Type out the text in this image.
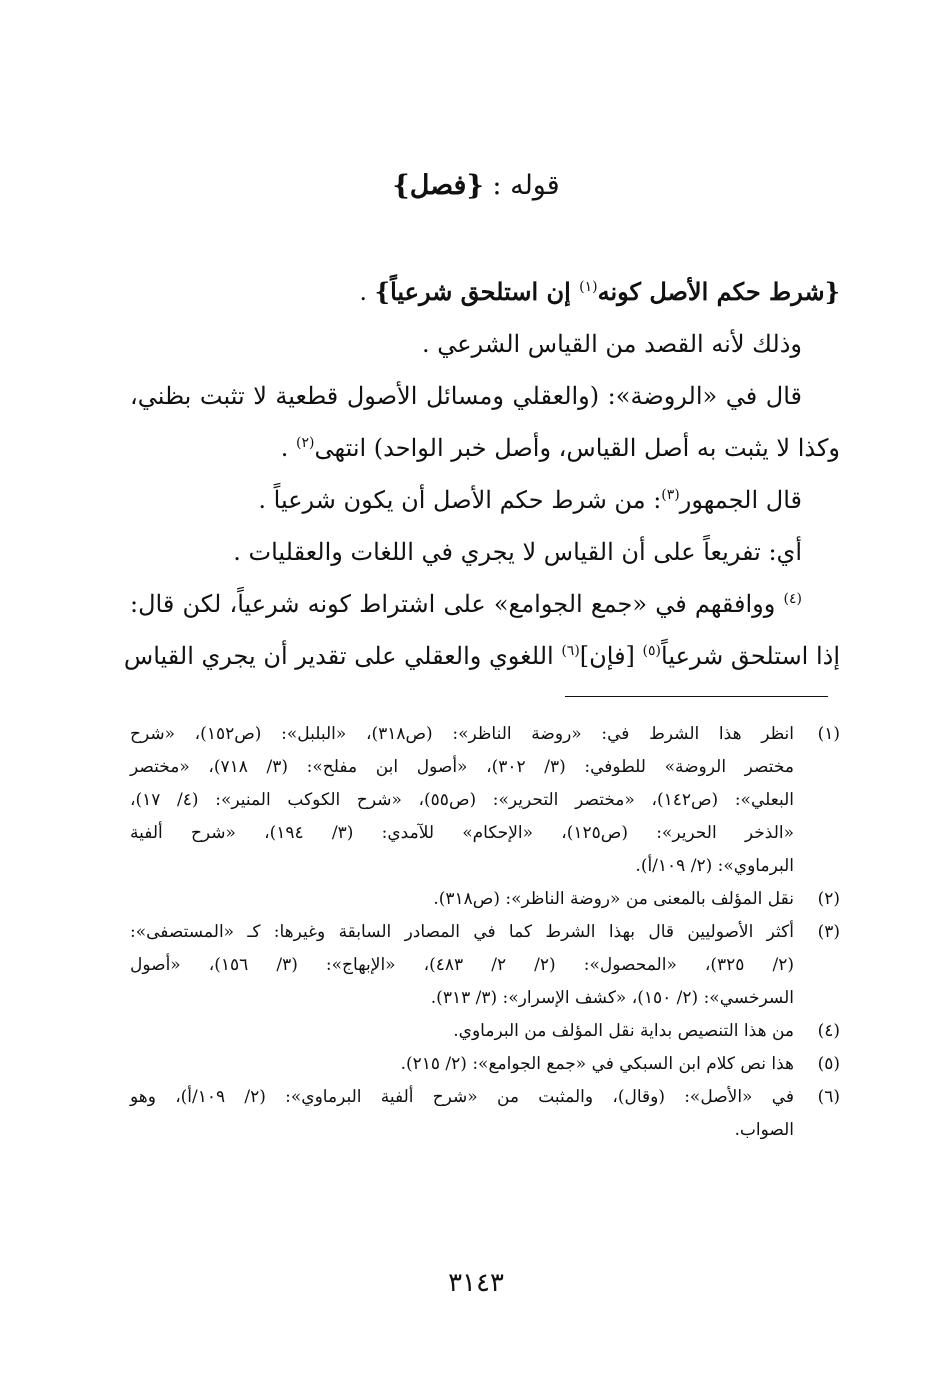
قوله : {فصل}
{شرط حكم الأصل كونه$^{(١)}$ إن استلحق شرعياً} .
وذلك لأنه القصد من القياس الشرعي .
قال في «الروضة»: (والعقلي ومسائل الأصول قطعية لا تثبت بظني،
وكذا لا يثبت به أصل القياس، وأصل خبر الواحد) انتهى$^{(٢)}$ .
قال الجمهور$^{(٣)}$: من شرط حكم الأصل أن يكون شرعياً .
أي: تفريعاً على أن القياس لا يجري في اللغات والعقليات .
$^{(٤)}$ ووافقهم في «جمع الجوامع» على اشتراط كونه شرعياً، لكن قال:
إذا استلحق شرعياً$^{(٥)}$ [فإن]$^{(٦)}$ اللغوي والعقلي على تقدير أن يجري القياس
(١)
انظر هذا الشرط في: «روضة الناظر»: (ص٣١٨)، «البلبل»: (ص١٥٢)، «شرح
مختصر الروضة» للطوفي: (٣/ ٣٠٢)، «أصول ابن مفلح»: (٣/ ٧١٨)، «مختصر
البعلي»: (ص١٤٢)، «مختصر التحرير»: (ص٥٥)، «شرح الكوكب المنير»: (٤/ ١٧)،
«الذخر الحرير»: (ص١٢٥)، «الإحكام» للآمدي: (٣/ ١٩٤)، «شرح ألفية
البرماوي»: (٢/ ١٠٩/أ).
(٢)
نقل المؤلف بالمعنى من «روضة الناظر»: (ص٣١٨).
(٣)
أكثر الأصوليين قال بهذا الشرط كما في المصادر السابقة وغيرها: كـ «المستصفى»:
(٢/ ٣٢٥)، «المحصول»: (٢/ ٢/ ٤٨٣)، «الإبهاج»: (٣/ ١٥٦)، «أصول
السرخسي»: (٢/ ١٥٠)، «كشف الإسرار»: (٣/ ٣١٣).
(٤)
من هذا التنصيص بداية نقل المؤلف من البرماوي.
(٥)
هذا نص كلام ابن السبكي في «جمع الجوامع»: (٢/ ٢١٥).
(٦)
في «الأصل»: (وقال)، والمثبت من «شرح ألفية البرماوي»: (٢/ ١٠٩/أ)، وهو
الصواب.
٣١٤٣
